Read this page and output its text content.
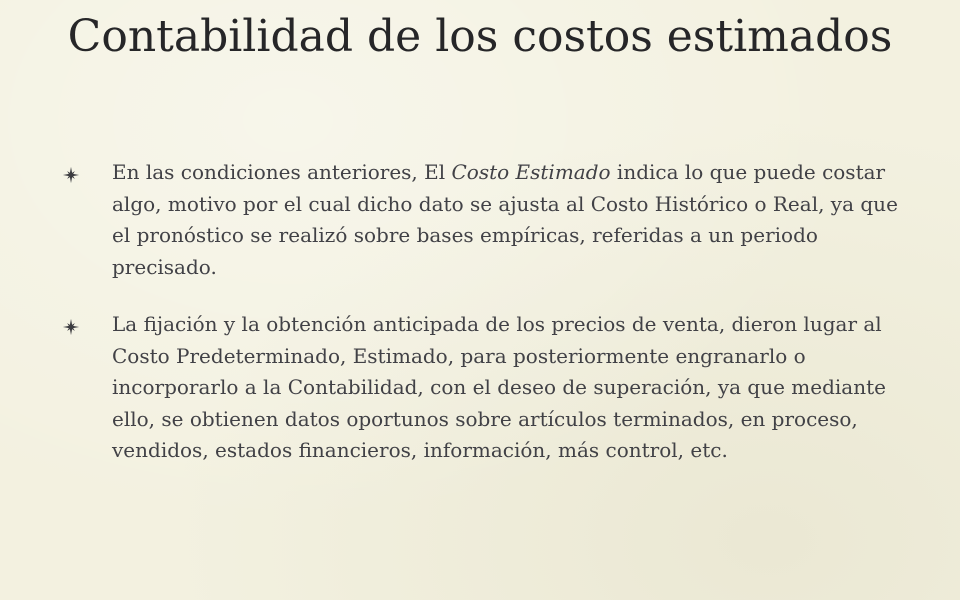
Contabilidad de los costos estimados
En las condiciones anteriores, El Costo Estimado indica lo que puede costar algo, motivo por el cual dicho dato se ajusta al Costo Histórico o Real, ya que el pronóstico se realizó sobre bases empíricas, referidas a un periodo precisado.
La fijación y la obtención anticipada de los precios de venta, dieron lugar al Costo Predeterminado, Estimado, para posteriormente engranarlo o incorporarlo a la Contabilidad, con el deseo de superación, ya que mediante ello, se obtienen datos oportunos sobre artículos terminados, en proceso, vendidos, estados financieros, información, más control, etc.
